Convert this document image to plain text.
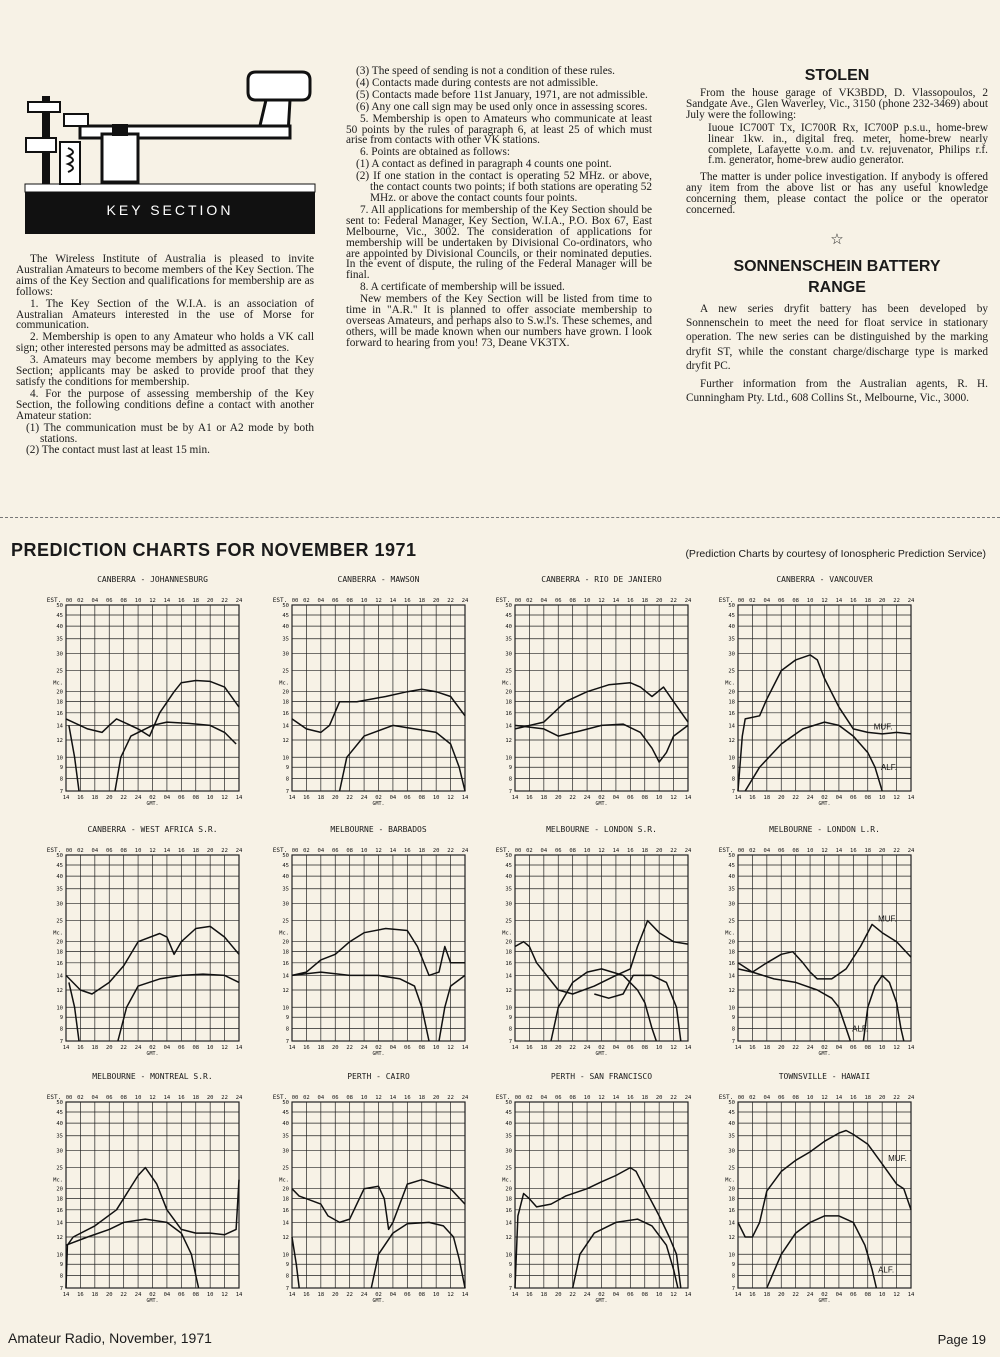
KEY SECTION

The Wireless Institute of Australia is pleased to invite Australian Amateurs to become members of the Key Section. The aims of the Key Section and qualifications for membership are as follows:

1. The Key Section of the W.I.A. is an association of Australian Amateurs interested in the use of Morse for communication.

2. Membership is open to any Amateur who holds a VK call sign; other interested persons may be admitted as associates.

3. Amateurs may become members by applying to the Key Section; applicants may be asked to provide proof that they satisfy the conditions for membership.

4. For the purpose of assessing membership of the Key Section, the following conditions define a contact with another Amateur station:

(1) The communication must be by A1 or A2 mode by both stations.
(2) The contact must last at least 15 min.
(3) The speed of sending is not a condition of these rules.
(4) Contacts made during contests are not admissible.
(5) Contacts made before 11st January, 1971, are not admissible.
(6) Any one call sign may be used only once in assessing scores.

5. Membership is open to Amateurs who communicate at least 50 points by the rules of paragraph 6, at least 25 of which must arise from contacts with other VK stations.

6. Points are obtained as follows:

(1) A contact as defined in paragraph 4 counts one point.
(2) If one station in the contact is operating 52 MHz. or above, the contact counts two points; if both stations are operating 52 MHz. or above the contact counts four points.

7. All applications for membership of the Key Section should be sent to: Federal Manager, Key Section, W.I.A., P.O. Box 67, East Melbourne, Vic., 3002. The consideration of applications for membership will be undertaken by Divisional Co-ordinators, who are appointed by Divisional Councils, or their nominated deputies. In the event of dispute, the ruling of the Federal Manager will be final.

8. A certificate of membership will be issued.

New members of the Key Section will be listed from time to time in "A.R." It is planned to offer associate membership to overseas Amateurs, and perhaps also to S.w.l's. These schemes, and others, will be made known when our numbers have grown. I look forward to hearing from you! 73, Deane VK3TX.

STOLEN

From the house garage of VK3BDD, D. Vlassopoulos, 2 Sandgate Ave., Glen Waverley, Vic., 3150 (phone 232-3469) about July were the following:

Iuoue IC700T Tx, IC700R Rx, IC700P p.s.u., home-brew linear 1kw. in., digital freq. meter, home-brew nearly complete, Lafayette v.o.m. and t.v. rejuvenator, Philips r.f. f.m. generator, home-brew audio generator.

The matter is under police investigation. If anybody is offered any item from the above list or has any useful knowledge concerning them, please contact the police or the operator concerned.

☆
SONNENSCHEIN BATTERY
RANGE

A new series dryfit battery has been developed by Sonnenschein to meet the need for float service in stationary operation. The new series can be distinguished by the marking dryfit ST, while the constant charge/discharge type is marked dryfit PC.

Further information from the Australian agents, R. H. Cunningham Pty. Ltd., 608 Collins St., Melbourne, Vic., 3000.

PREDICTION CHARTS FOR NOVEMBER 1971	(Prediction Charts by courtesy of Ionospheric Prediction Service)
CANBERRA - JOHANNESBURG
EST.	02 04 06 08 10 12 14 16 18 20 22 24
00
14 16 18 20 22 24 02 04 06 08 10 12 14
GMT.
50
45
40
35
30
25
20
18
16
14
12
10
9
8
7
Mc.
CANBERRA - MAWSON
EST.	02 04 06 08 10 12 14 16 18 20 22 24
00
14 16 18 20 22 24 02 04 06 08 10 12 14
GMT.
50
45
40
35
30
25
20
18
16
14
12
10
9
8
7
Mc.
CANBERRA - RIO DE JANIERO
EST.	02 04 06 08 10 12 14 16 18 20 22 24
00
14 16 18 20 22 24 02 04 06 08 10 12 14
GMT.
50
45
40
35
30
25
20
18
16
14
12
10
9
8
7
Mc.
CANBERRA - VANCOUVER
EST.	02 04 06 08 10 12 14 16 18 20 22 24
00
14 16 18 20 22 24 02 04 06 08 10 12 14
GMT.
50
45
40
35
30
25
20
18
16
14
12
10
9
8
7
Mc.
MUF.
ALF.
CANBERRA - WEST AFRICA S.R.
EST.	02 04 06 08 10 12 14 16 18 20 22 24
00
14 16 18 20 22 24 02 04 06 08 10 12 14
GMT.
50
45
40
35
30
25
20
18
16
14
12
10
9
8
7
Mc.
MELBOURNE - BARBADOS
EST.	02 04 06 08 10 12 14 16 18 20 22 24
00
14 16 18 20 22 24 02 04 06 08 10 12 14
GMT.
50
45
40
35
30
25
20
18
16
14
12
10
9
8
7
Mc.
MELBOURNE - LONDON S.R.
EST.	02 04 06 08 10 12 14 16 18 20 22 24
00
14 16 18 20 22 24 02 04 06 08 10 12 14
GMT.
50
45
40
35
30
25
20
18
16
14
12
10
9
8
7
Mc.
MELBOURNE - LONDON L.R.
EST.	02 04 06 08 10 12 14 16 18 20 22 24
00
14 16 18 20 22 24 02 04 06 08 10 12 14
GMT.
50
45
40
35
30
25
20
18
16
14
12
10
9
8
7
Mc.
MUF.
ALF.
MELBOURNE - MONTREAL S.R.
EST.	02 04 06 08 10 12 14 16 18 20 22 24
00
14 16 18 20 22 24 02 04 06 08 10 12 14
GMT.
50
45
40
35
30
25
20
18
16
14
12
10
9
8
7
Mc.
PERTH - CAIRO
EST.	02 04 06 08 10 12 14 16 18 20 22 24
00
14 16 18 20 22 24 02 04 06 08 10 12 14
GMT.
50
45
40
35
30
25
20
18
16
14
12
10
9
8
7
Mc.
PERTH - SAN FRANCISCO
EST.	02 04 06 08 10 12 14 16 18 20 22 24
00
14 16 18 20 22 24 02 04 06 08 10 12 14
GMT.
50
45
40
35
30
25
20
18
16
14
12
10
9
8
7
Mc.
TOWNSVILLE - HAWAII
EST.	02 04 06 08 10 12 14 16 18 20 22 24
00
14 16 18 20 22 24 02 04 06 08 10 12 14
GMT.
50
45
40
35
30
25
20
18
16
14
12
10
9
8
7
Mc.
MUF.
ALF.
Amateur Radio, November, 1971	Page 19
